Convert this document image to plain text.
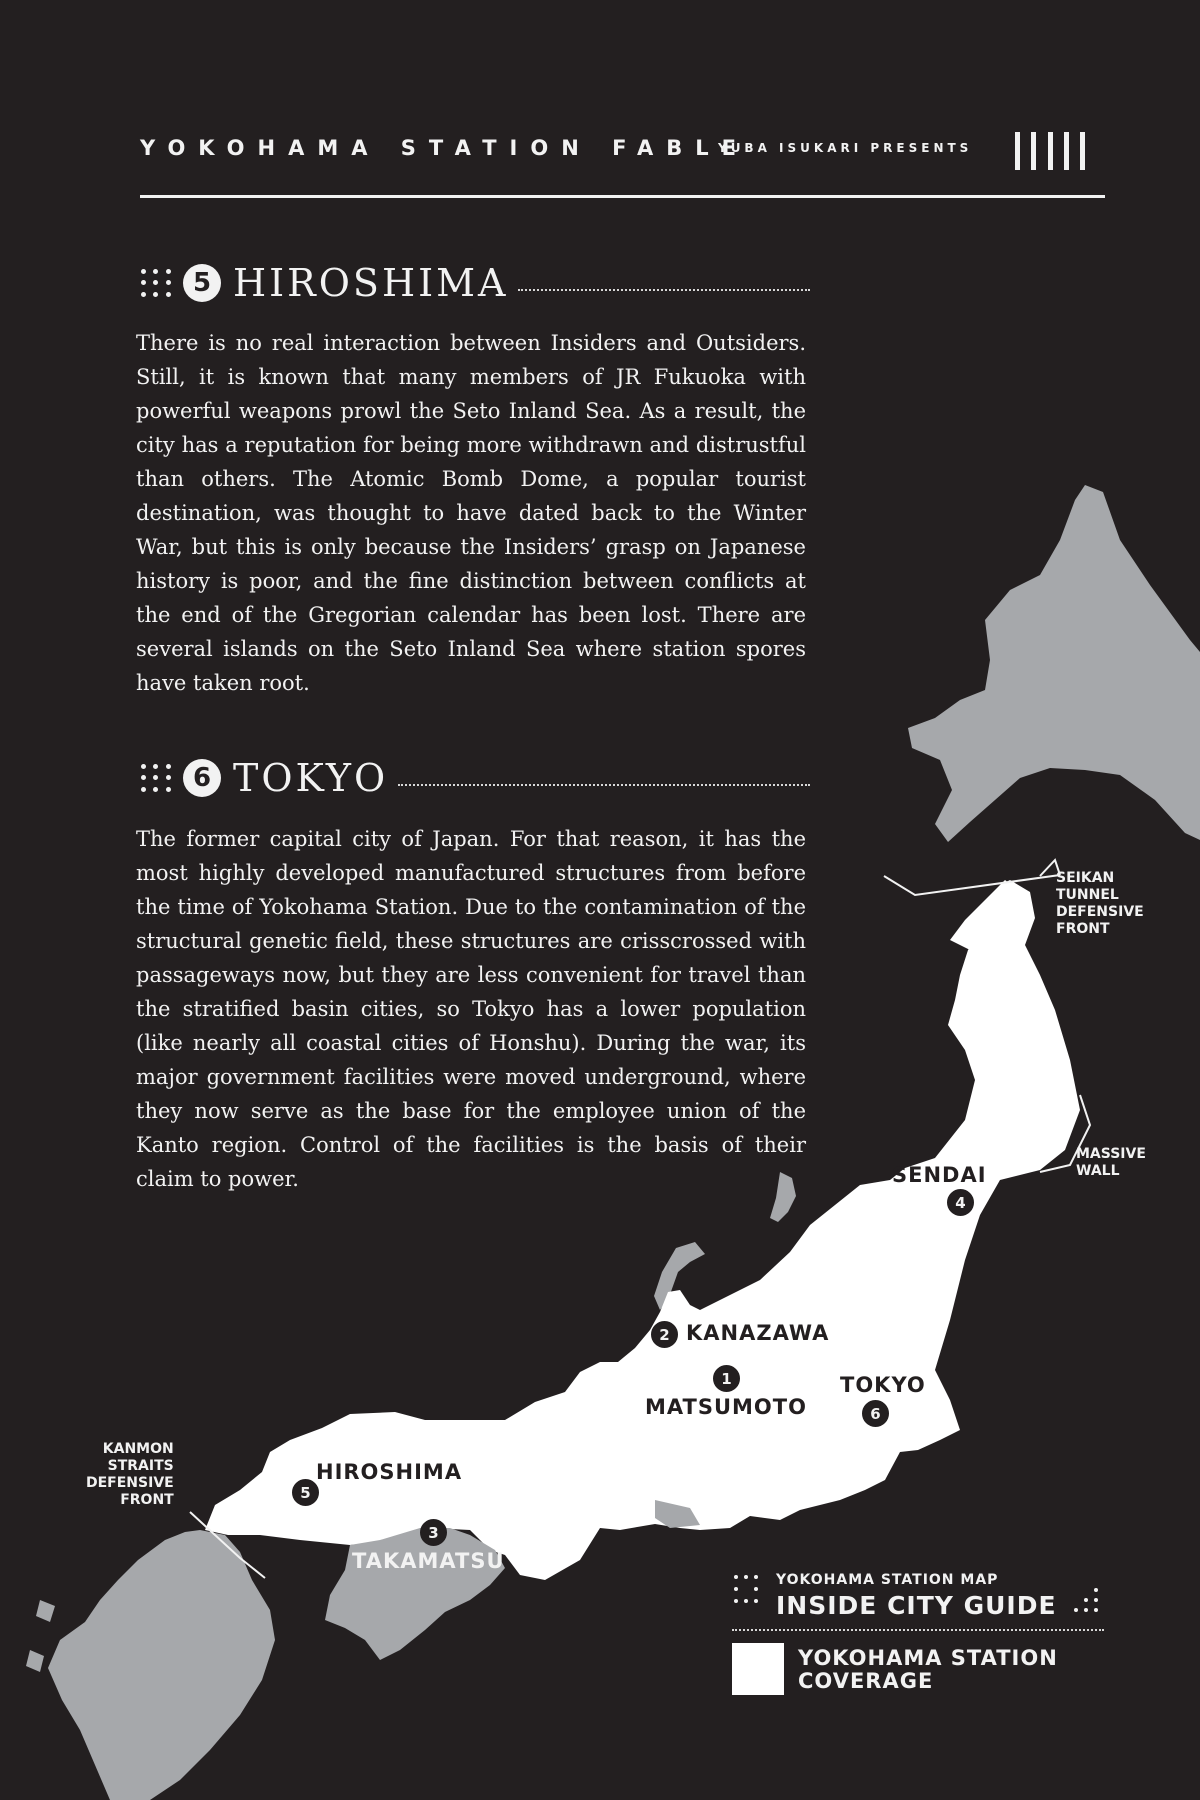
YOKOHAMA STATION FABLE
YUBA ISUKARI PRESENTS
5 HIROSHIMA

There is no real interaction between Insiders and Outsiders. Still, it is known that many members of JR Fukuoka with powerful weapons prowl the Seto Inland Sea. As a result, the city has a reputation for being more withdrawn and distrustful than others. The Atomic Bomb Dome, a popular tourist destination, was thought to have dated back to the Winter War, but this is only because the Insiders’ grasp on Japanese history is poor, and the fine distinction between conflicts at the end of the Gregorian calendar has been lost. There are several islands on the Seto Inland Sea where station spores have taken root.

6 TOKYO

The former capital city of Japan. For that reason, it has the most highly developed manufactured structures from before the time of Yokohama Station. Due to the contamination of the structural genetic field, these structures are crisscrossed with passageways now, but they are less convenient for travel than the stratified basin cities, so Tokyo has a lower population (like nearly all coastal cities of Honshu). During the war, its major government facilities were moved underground, where they now serve as the base for the employee union of the Kanto region. Control of the facilities is the basis of their claim to power.

SEIKAN
TUNNEL
DEFENSIVE
FRONT
MASSIVE
WALL
KANMON
STRAITS
DEFENSIVE
FRONT
SENDAI
4
2 KANAZAWA
1
MATSUMOTO
TOKYO
6
HIROSHIMA
5
3
TAKAMATSU
YOKOHAMA STATION MAP
INSIDE CITY GUIDE
YOKOHAMA STATION
COVERAGE
